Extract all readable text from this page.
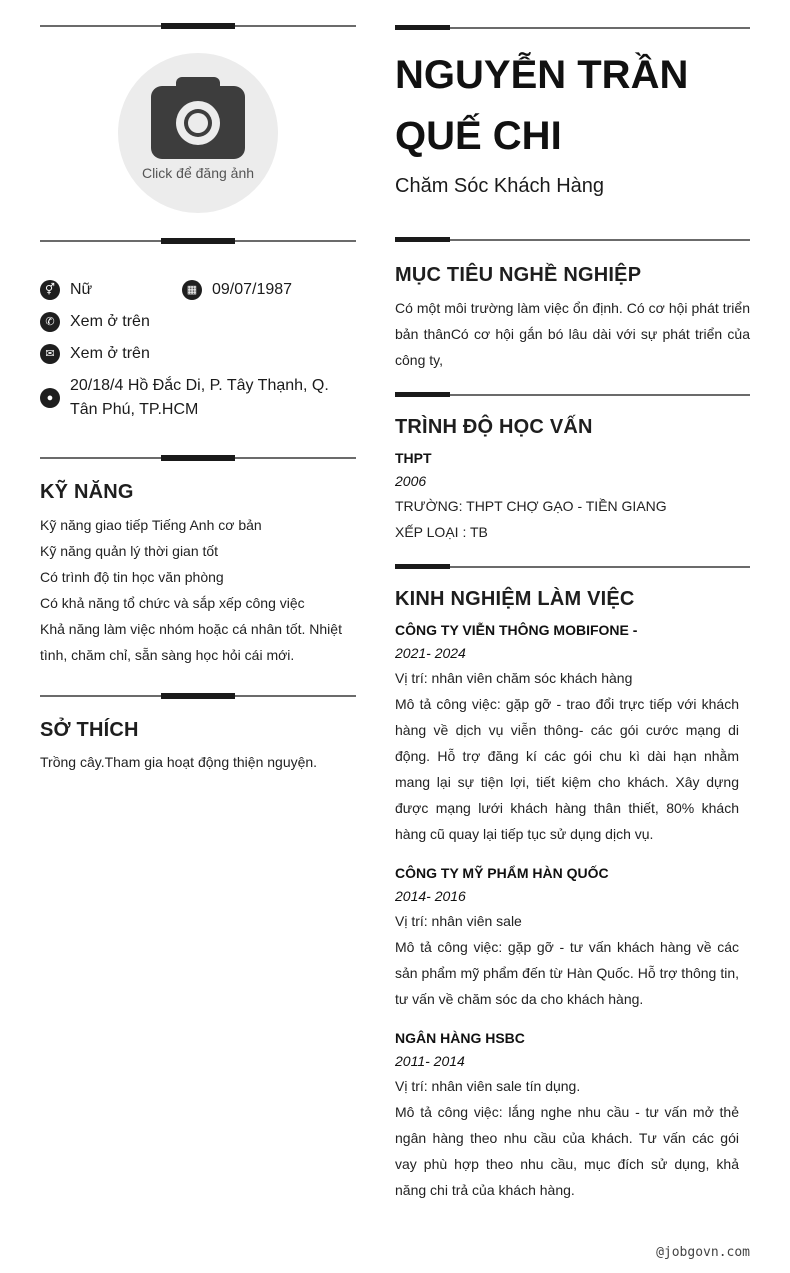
Click để đăng ảnh
⚥ Nữ	▦ 09/07/1987
✆ Xem ở trên
✉ Xem ở trên
●
20/18/4 Hồ Đắc Di, P. Tây Thạnh, Q. Tân Phú, TP.HCM
KỸ NĂNG
Kỹ năng giao tiếp Tiếng Anh cơ bản
Kỹ năng quản lý thời gian tốt
Có trình độ tin học văn phòng
Có khả năng tổ chức và sắp xếp công việc
Khả năng làm việc nhóm hoặc cá nhân tốt. Nhiệt tình, chăm chỉ, sẵn sàng học hỏi cái mới.
SỞ THÍCH
Trồng cây.Tham gia hoạt động thiện nguyện.
NGUYỄN TRẦN QUẾ CHI
Chăm Sóc Khách Hàng
MỤC TIÊU NGHỀ NGHIỆP
Có một môi trường làm việc ổn định. Có cơ hội phát triển bản thânCó cơ hội gắn bó lâu dài với sự phát triển của công ty,
TRÌNH ĐỘ HỌC VẤN
THPT
2006
TRƯỜNG: THPT CHỢ GẠO - TIỀN GIANG
XẾP LOẠI : TB
KINH NGHIỆM LÀM VIỆC
CÔNG TY VIỄN THÔNG MOBIFONE -
2021- 2024
Vị trí: nhân viên chăm sóc khách hàng
Mô tả công việc: gặp gỡ - trao đổi trực tiếp với khách hàng về dịch vụ viễn thông- các gói cước mạng di động. Hỗ trợ đăng kí các gói chu kì dài hạn nhằm mang lại sự tiện lợi, tiết kiệm cho khách. Xây dựng được mạng lưới khách hàng thân thiết, 80% khách hàng cũ quay lại tiếp tục sử dụng dịch vụ.
CÔNG TY MỸ PHẨM HÀN QUỐC
2014- 2016
Vị trí: nhân viên sale
Mô tả công việc: gặp gỡ - tư vấn khách hàng về các sản phẩm mỹ phẩm đến từ Hàn Quốc. Hỗ trợ thông tin, tư vấn về chăm sóc da cho khách hàng.
NGÂN HÀNG HSBC
2011- 2014
Vị trí: nhân viên sale tín dụng.
Mô tả công việc: lắng nghe nhu cầu - tư vấn mở thẻ ngân hàng theo nhu cầu của khách. Tư vấn các gói vay phù hợp theo nhu cầu, mục đích sử dụng, khả năng chi trả của khách hàng.
@jobgovn.com
